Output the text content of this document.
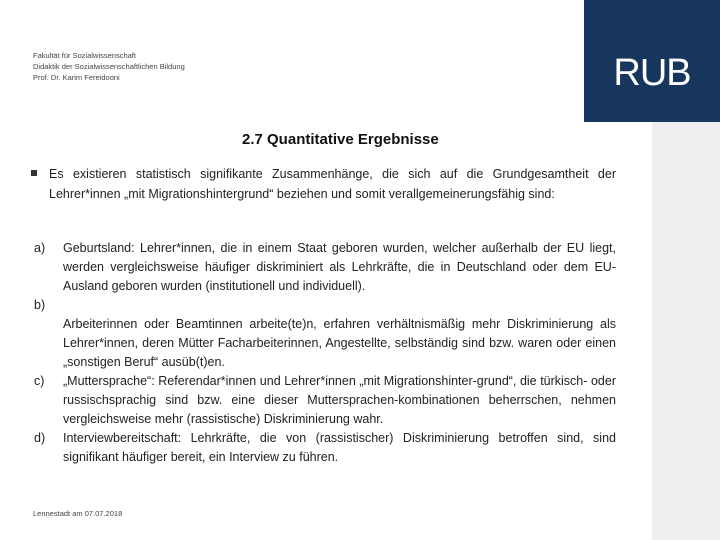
RUB
Fakultät für Sozialwissenschaft
Didaktik der Sozialwissenschaftlichen Bildung
Prof. Dr. Karim Fereidooni
2.7 Quantitative Ergebnisse
Es existieren statistisch signifikante Zusammenhänge, die sich auf die Grundgesamtheit der Lehrer*innen „mit Migrationshintergrund“ beziehen und somit verallgemeinerungsfähig sind:
a) Geburtsland: Lehrer*innen, die in einem Staat geboren wurden, welcher außerhalb der EU liegt, werden vergleichsweise häufiger diskriminiert als Lehrkräfte, die in Deutschland oder dem EU-Ausland geboren wurden (institutionell und individuell).
b)
Arbeiterinnen oder Beamtinnen arbeite(te)n, erfahren verhältnismäßig mehr Diskriminierung als Lehrer*innen, deren Mütter Facharbeiterinnen, Angestellte, selbständig sind bzw. waren oder einen „sonstigen Beruf“ ausüb(t)en.
c) „Muttersprache“: Referendar*innen und Lehrer*innen „mit Migrationshinter-grund“, die türkisch- oder russischsprachig sind bzw. eine dieser Muttersprachen-kombinationen beherrschen, nehmen vergleichsweise mehr (rassistische) Diskriminierung wahr.
d) Interviewbereitschaft: Lehrkräfte, die von (rassistischer) Diskriminierung betroffen sind, sind signifikant häufiger bereit, ein Interview zu führen.
Lennestadt am 07.07.2018
